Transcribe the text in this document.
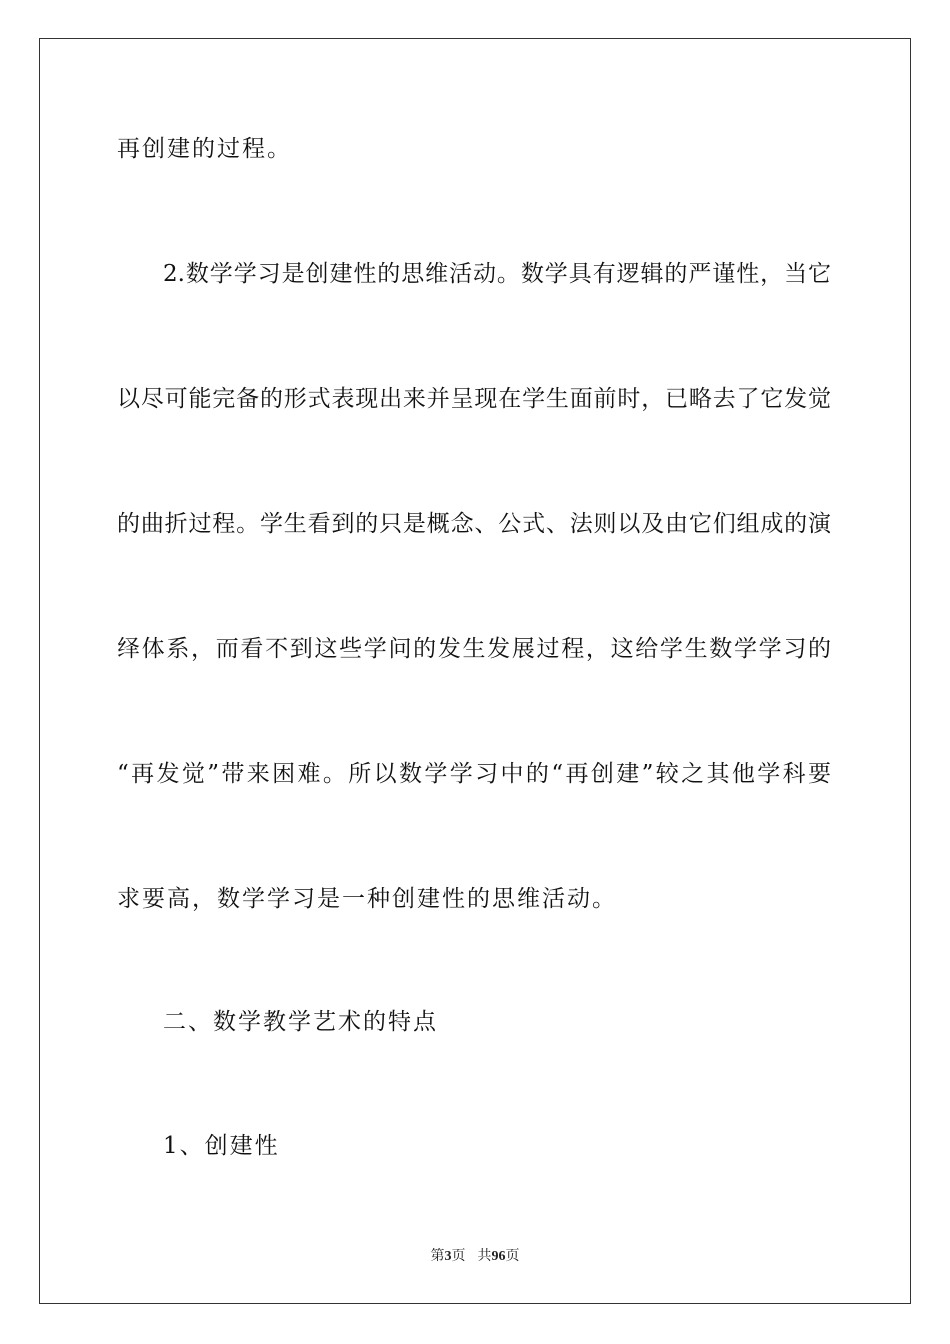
再创建的过程。
2.数学学习是创建性的思维活动。数学具有逻辑的严谨性，当它
以尽可能完备的形式表现出来并呈现在学生面前时，已略去了它发觉
的曲折过程。学生看到的只是概念、公式、法则以及由它们组成的演
绎体系，而看不到这些学问的发生发展过程，这给学生数学学习的
“再发觉”带来困难。所以数学学习中的“再创建”较之其他学科要
求要高，数学学习是一种创建性的思维活动。
二、数学教学艺术的特点
1、创建性
第3页 共96页
